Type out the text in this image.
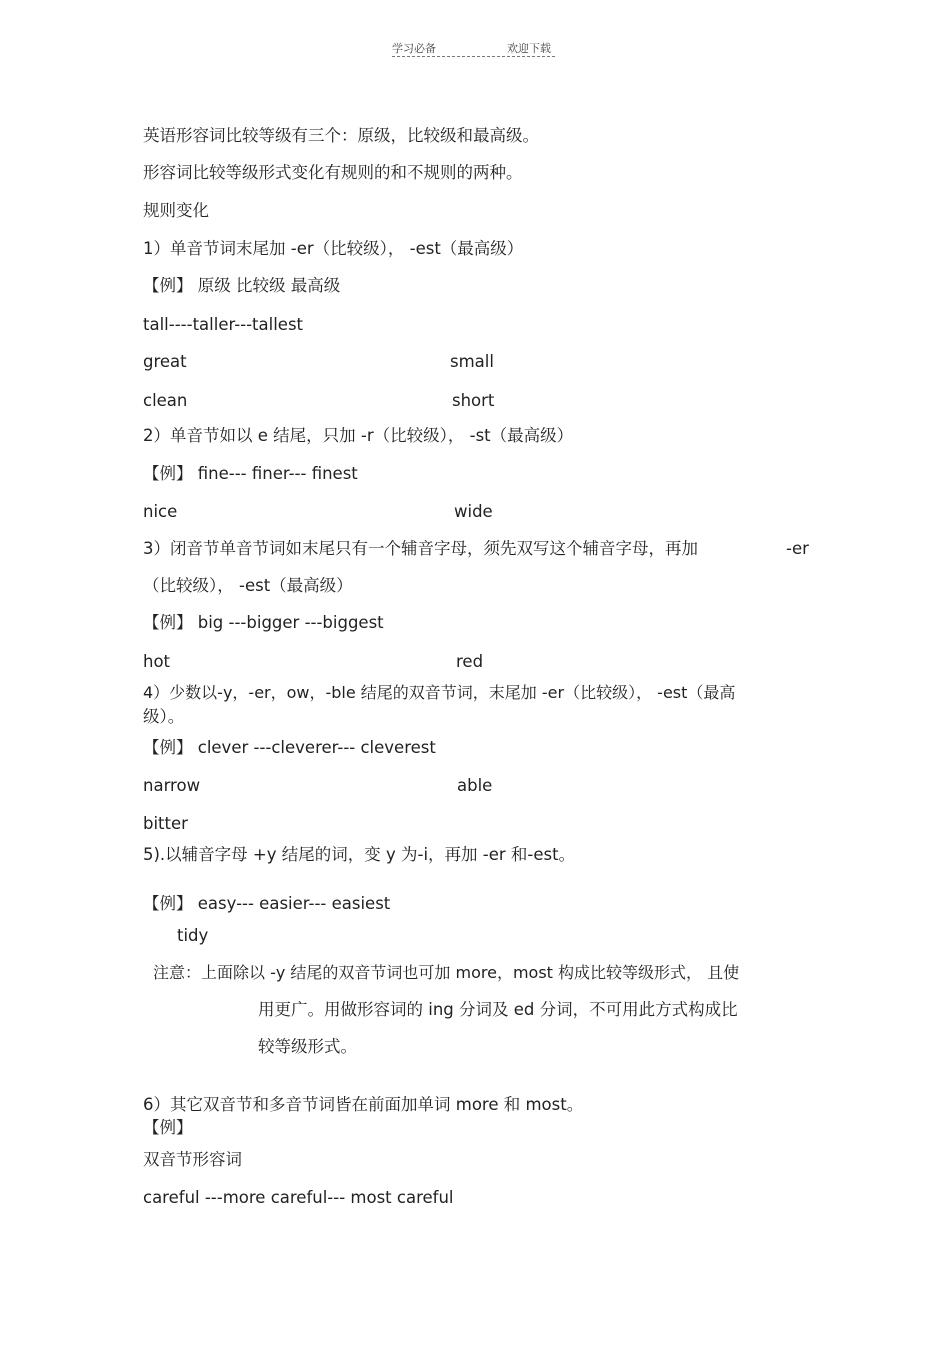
学习必备	欢迎下载
英语形容词比较等级有三个：原级，比较级和最高级。
形容词比较等级形式变化有规则的和不规则的两种。
规则变化
1）单音节词末尾加 -er（比较级）， -est（最高级）
【例】 原级 比较级 最高级
tall----taller---tallest
great	small
clean	short
2）单音节如以 e 结尾，只加 -r（比较级）， -st（最高级）
【例】 fine--- finer--- finest
nice	wide
3）闭音节单音节词如末尾只有一个辅音字母，须先双写这个辅音字母，再加	-er
（比较级）， -est（最高级）
【例】 big ---bigger ---biggest
hot	red
4）少数以-y，-er，ow，-ble 结尾的双音节词，末尾加 -er（比较级）， -est（最高
级）。
【例】 clever ---cleverer--- cleverest
narrow	able
bitter
5).以辅音字母 +y 结尾的词，变 y 为-i，再加 -er 和-est。
【例】 easy--- easier--- easiest
tidy
注意：上面除以 -y 结尾的双音节词也可加 more，most 构成比较等级形式， 且使
用更广。用做形容词的 ing 分词及 ed 分词，不可用此方式构成比
较等级形式。
6）其它双音节和多音节词皆在前面加单词 more 和 most。
【例】
双音节形容词
careful ---more careful--- most careful
